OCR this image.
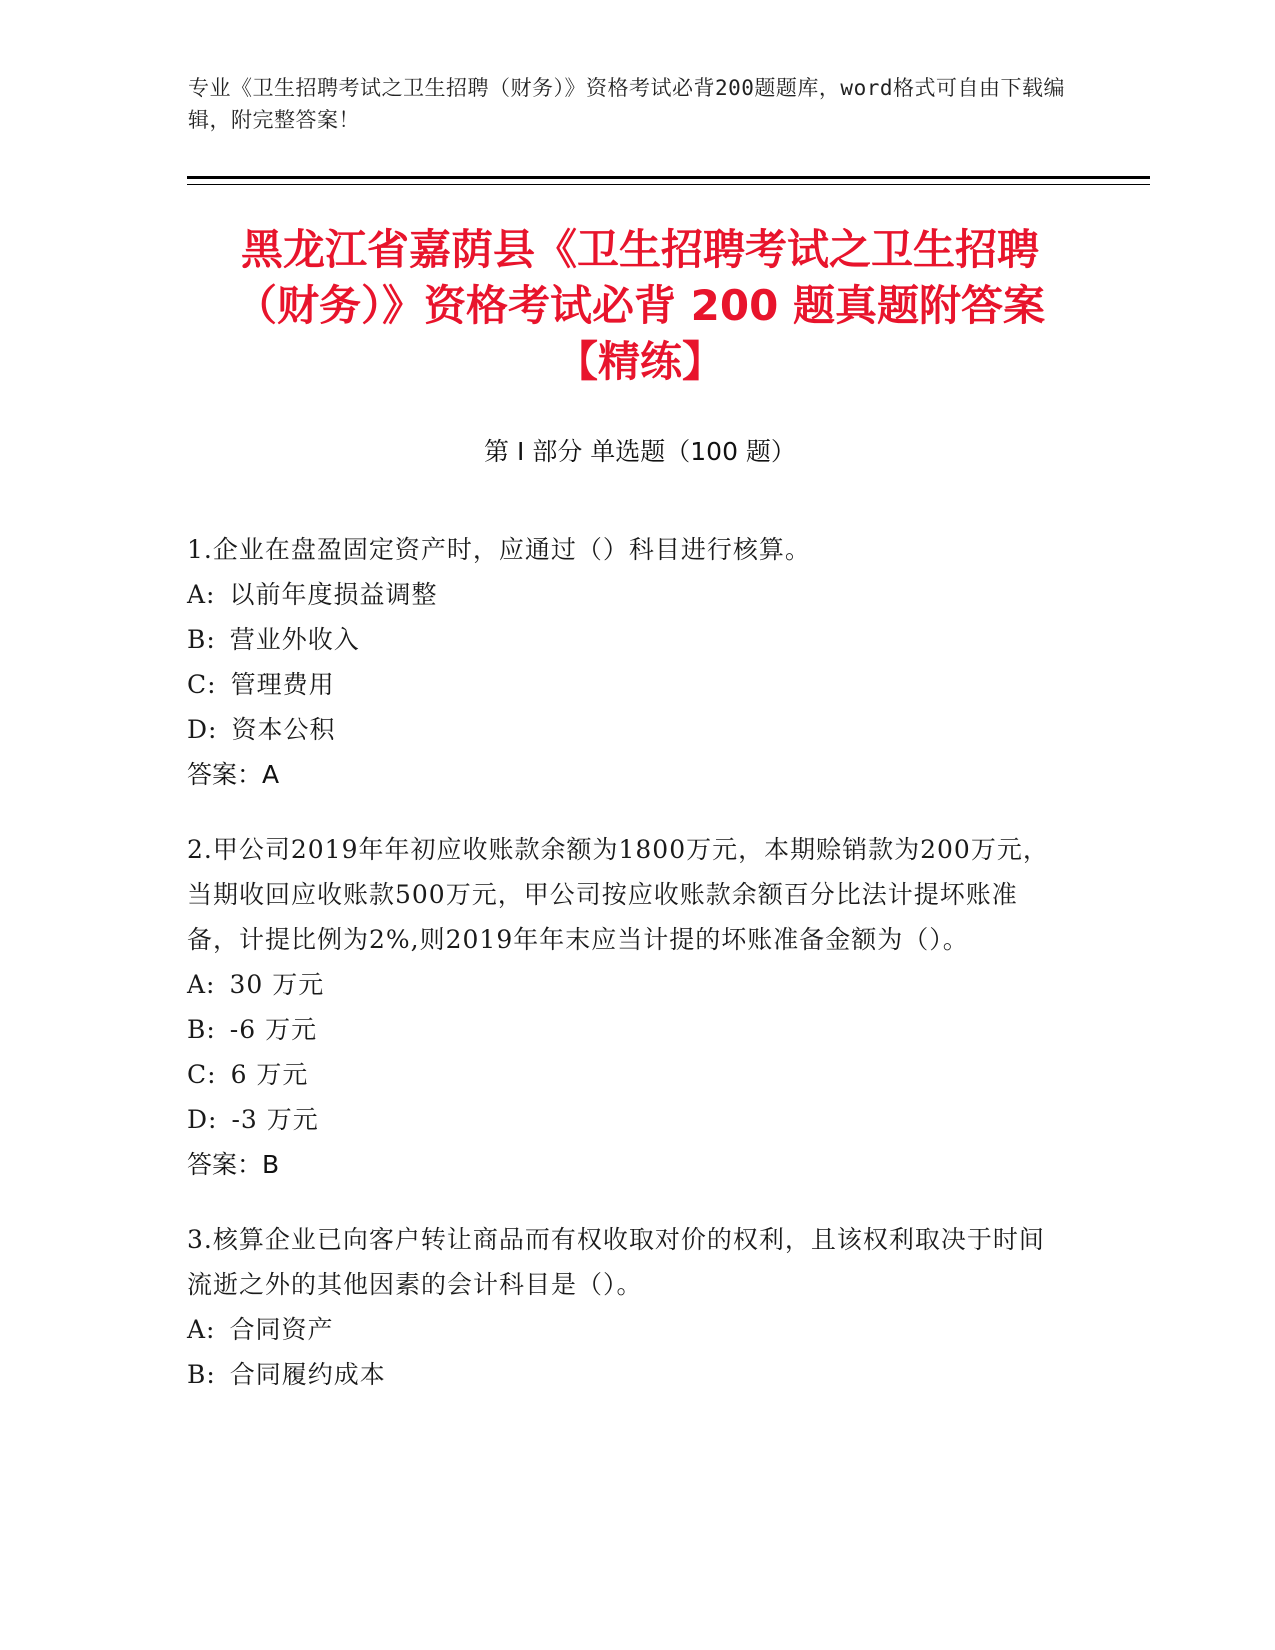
专业《卫生招聘考试之卫生招聘（财务）》资格考试必背200题题库，word格式可自由下载编辑，附完整答案！
黑龙江省嘉荫县《卫生招聘考试之卫生招聘
（财务）》资格考试必背 200 题真题附答案
【精练】
第 I 部分 单选题（100 题）
1.企业在盘盈固定资产时，应通过（）科目进行核算。
A: 以前年度损益调整
B: 营业外收入
C: 管理费用
D: 资本公积
答案：A
2.甲公司2019年年初应收账款余额为1800万元，本期赊销款为200万元，当期收回应收账款500万元，甲公司按应收账款余额百分比法计提坏账准备，计提比例为2%,则2019年年末应当计提的坏账准备金额为（）。
A: 30 万元
B: -6 万元
C: 6 万元
D: -3 万元
答案：B
3.核算企业已向客户转让商品而有权收取对价的权利，且该权利取决于时间流逝之外的其他因素的会计科目是（）。
A: 合同资产
B: 合同履约成本
